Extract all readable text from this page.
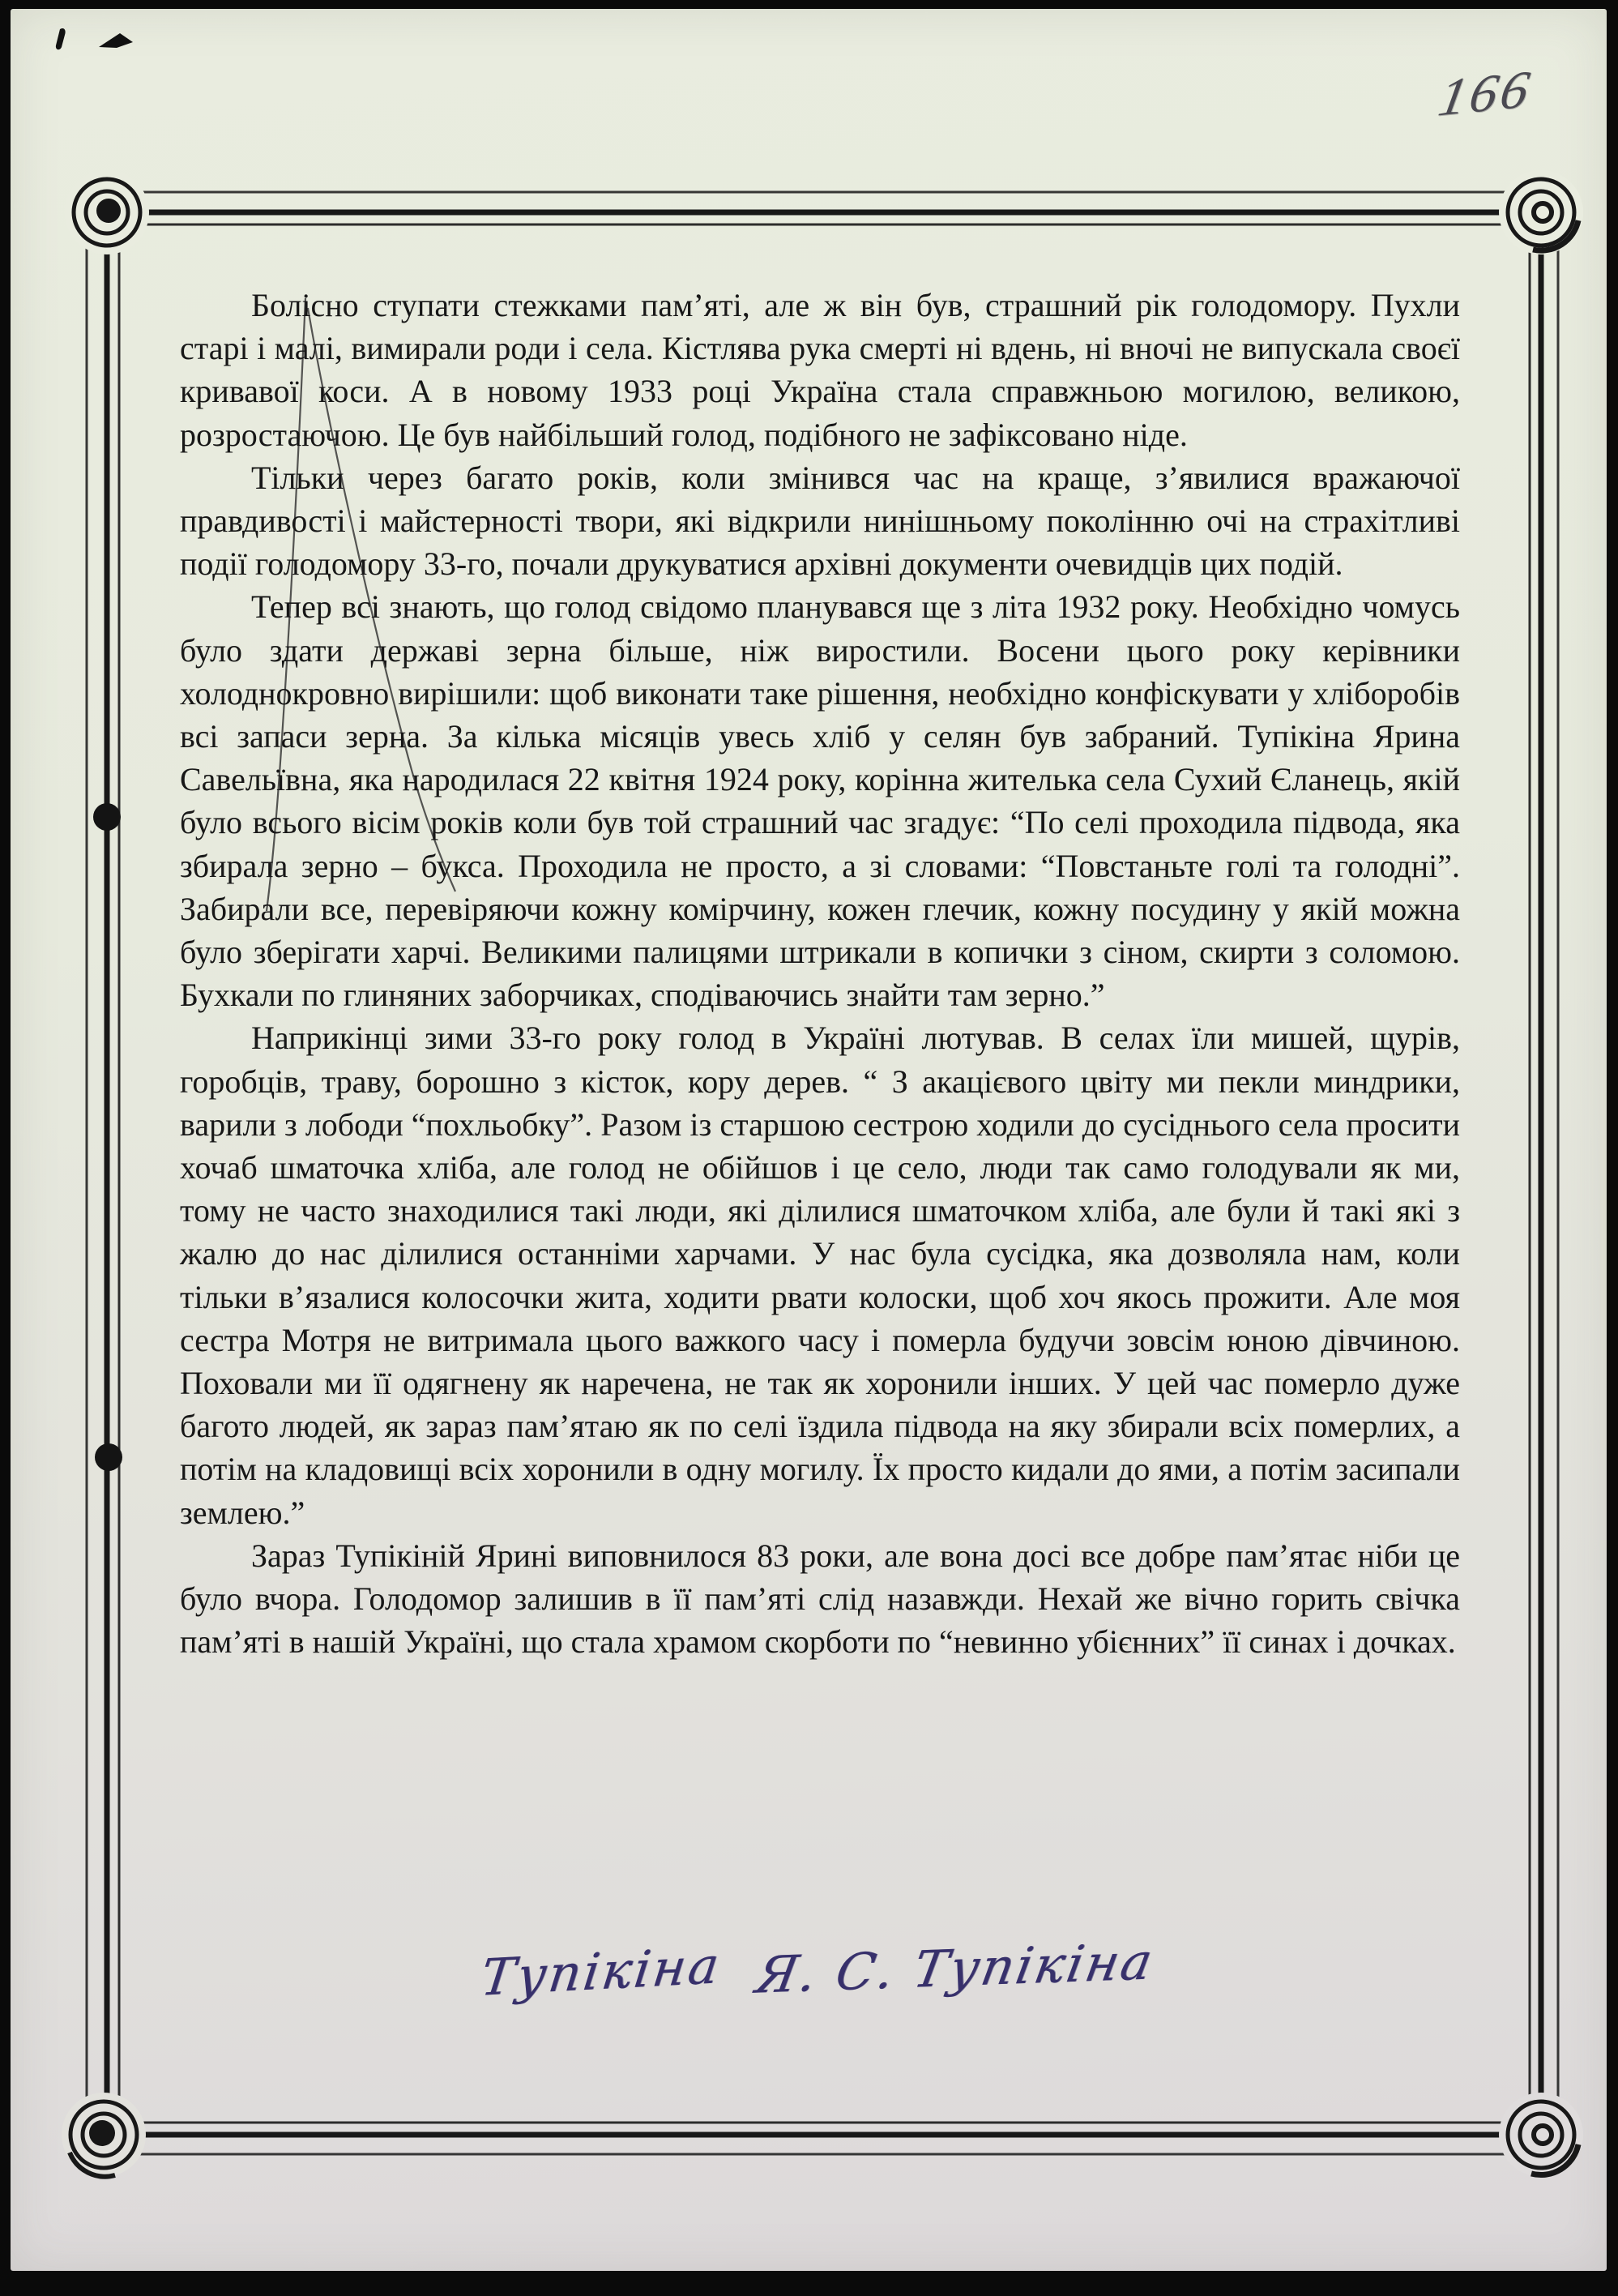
166

Болісно ступати стежками пам’яті, але ж він був, страшний рік голодомору. Пухли старі і малі, вимирали роди і села. Кістлява рука смерті ні вдень, ні вночі не випускала своєї кривавої коси. А в новому 1933 році Україна стала справжньою могилою, великою, розростаючою. Це був найбільший голод, подібного не зафіксовано ніде.

Тільки через багато років, коли змінився час на краще, з’явилися вражаючої правдивості і майстерності твори, які відкрили нинішньому поколінню очі на страхітливі події голодомору 33-го, почали друкуватися архівні документи очевидців цих подій.

Тепер всі знають, що голод свідомо планувався ще з літа 1932 року. Необхідно чомусь було здати державі зерна більше, ніж виростили. Восени цього року керівники холоднокровно вирішили: щоб виконати таке рішення, необхідно конфіскувати у хліборобів всі запаси зерна. За кілька місяців увесь хліб у селян був забраний. Тупікіна Ярина Савельївна, яка народилася 22 квітня 1924 року, корінна жителька села Сухий Єланець, якій було всього вісім років коли був той страшний час згадує: “По селі проходила підвода, яка збирала зерно – букса. Проходила не просто, а зі словами: “Повстаньте голі та голодні”. Забирали все, перевіряючи кожну комірчину, кожен глечик, кожну посудину у якій можна було зберігати харчі. Великими палицями штрикали в копички з сіном, скирти з соломою. Бухкали по глиняних заборчиках, сподіваючись знайти там зерно.”

Наприкінці зими 33-го року голод в Україні лютував. В селах їли мишей, щурів, горобців, траву, борошно з кісток, кору дерев. “ З акацієвого цвіту ми пекли миндрики, варили з лободи “похльобку”. Разом із старшою сестрою ходили до сусіднього села просити хочаб шматочка хліба, але голод не обійшов і це село, люди так само голодували як ми, тому не часто знаходилися такі люди, які ділилися шматочком хліба, але були й такі які з жалю до нас ділилися останніми харчами. У нас була сусідка, яка дозволяла нам, коли тільки в’язалися колосочки жита, ходити рвати колоски, щоб хоч якось прожити. Але моя сестра Мотря не витримала цього важкого часу і померла будучи зовсім юною дівчиною. Поховали ми її одягнену як наречена, не так як хоронили інших. У цей час померло дуже багото людей, як зараз пам’ятаю як по селі їздила підвода на яку збирали всіх померлих, а потім на кладовищі всіх хоронили в одну могилу. Їх просто кидали до ями, а потім засипали землею.”

Зараз Тупікіній Ярині виповнилося 83 роки, але вона досі все добре пам’ятає ніби це було вчора. Голодомор залишив в її пам’яті слід назавжди. Нехай же вічно горить свічка пам’яті в нашій Україні, що стала храмом скорботи по “невинно убієнних” її синах і дочках.

Тупікіна Я. С. Тупікіна
